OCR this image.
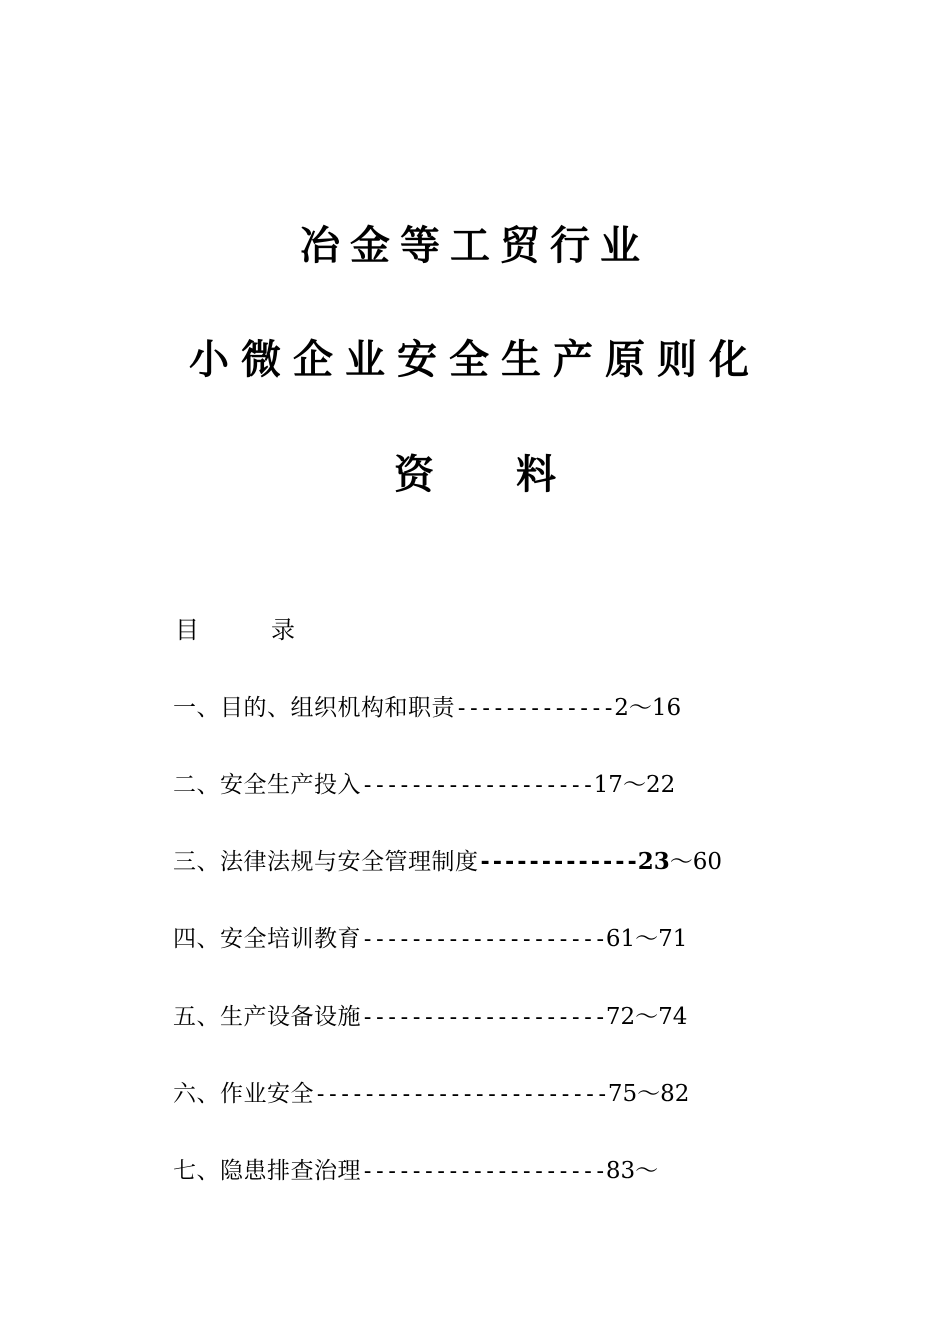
冶金等工贸行业
小微企业安全生产原则化
资 料
目	录
一、目的、组织机构和职责-------------2～16
二、安全生产投入-------------------17～22
三、法律法规与安全管理制度-------------23～60
四、安全培训教育--------------------61～71
五、生产设备设施--------------------72～74
六、作业安全------------------------75～82
七、隐患排查治理--------------------83～
